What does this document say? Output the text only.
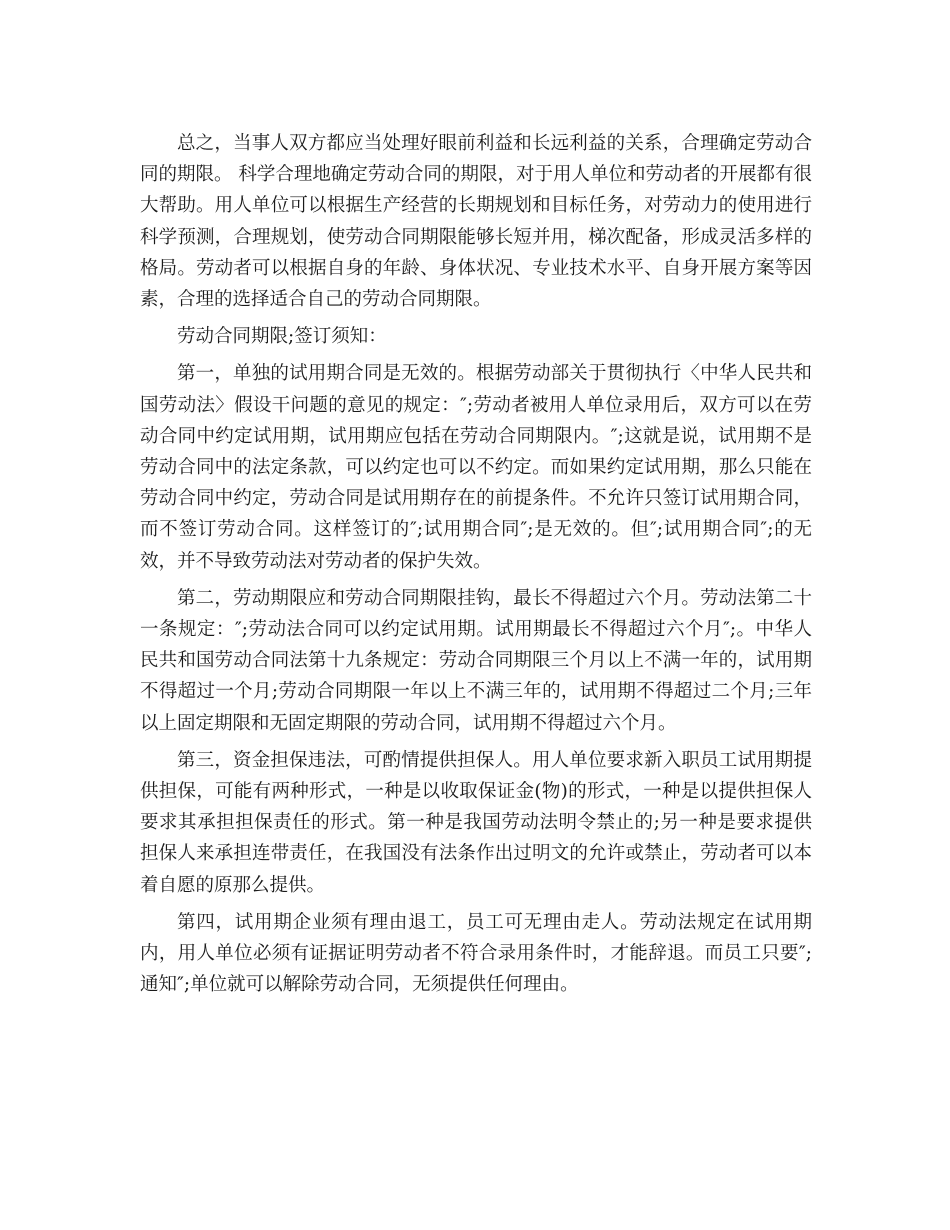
总之，当事人双方都应当处理好眼前利益和长远利益的关系，合理确定劳动合同的期限。 科学合理地确定劳动合同的期限，对于用人单位和劳动者的开展都有很大帮助。用人单位可以根据生产经营的长期规划和目标任务，对劳动力的使用进行科学预测，合理规划，使劳动合同期限能够长短并用，梯次配备，形成灵活多样的格局。劳动者可以根据自身的年龄、身体状况、专业技术水平、自身开展方案等因素，合理的选择适合自己的劳动合同期限。

劳动合同期限;签订须知：

第一，单独的试用期合同是无效的。根据劳动部关于贯彻执行〈中华人民共和国劳动法〉假设干问题的意见的规定：″;劳动者被用人单位录用后，双方可以在劳动合同中约定试用期，试用期应包括在劳动合同期限内。″;这就是说，试用期不是劳动合同中的法定条款，可以约定也可以不约定。而如果约定试用期，那么只能在劳动合同中约定，劳动合同是试用期存在的前提条件。不允许只签订试用期合同，而不签订劳动合同。这样签订的″;试用期合同″;是无效的。但″;试用期合同″;的无效，并不导致劳动法对劳动者的保护失效。

第二，劳动期限应和劳动合同期限挂钩，最长不得超过六个月。劳动法第二十一条规定：″;劳动法合同可以约定试用期。试用期最长不得超过六个月″;。中华人民共和国劳动合同法第十九条规定：劳动合同期限三个月以上不满一年的，试用期不得超过一个月;劳动合同期限一年以上不满三年的，试用期不得超过二个月;三年以上固定期限和无固定期限的劳动合同，试用期不得超过六个月。

第三，资金担保违法，可酌情提供担保人。用人单位要求新入职员工试用期提供担保，可能有两种形式，一种是以收取保证金(物)的形式，一种是以提供担保人要求其承担担保责任的形式。第一种是我国劳动法明令禁止的;另一种是要求提供担保人来承担连带责任，在我国没有法条作出过明文的允许或禁止，劳动者可以本着自愿的原那么提供。

第四，试用期企业须有理由退工，员工可无理由走人。劳动法规定在试用期内，用人单位必须有证据证明劳动者不符合录用条件时，才能辞退。而员工只要″;通知″;单位就可以解除劳动合同，无须提供任何理由。
